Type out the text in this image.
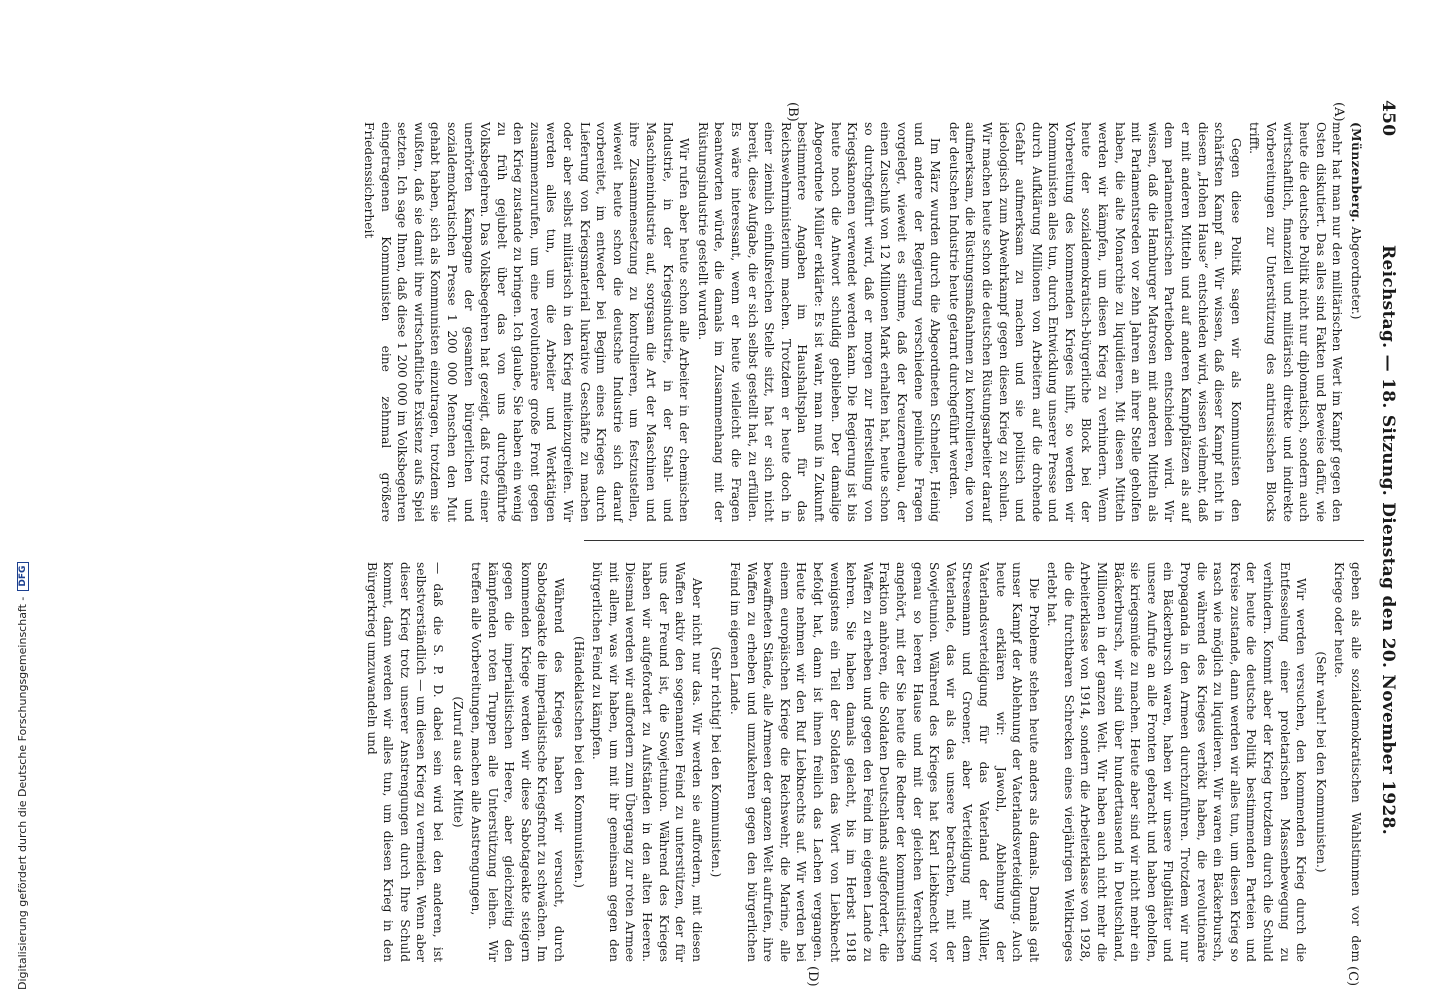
450
Reichstag. — 18. Sitzung. Dienstag den 20. November 1928.
(A)
(B)
(C)
(D)

(Münzenberg. Abgeordneter.)

mehr hat man nur den militärischen Wert im Kampf gegen den Osten diskutiert. Das alles sind Fakten und Beweise dafür, wie heute die deutsche Politik nicht nur diplomatisch, sondern auch wirtschaftlich, finanziell und militärisch direkte und indirekte Vorbereitungen zur Unterstützung des antirussischen Blocks trifft.

Gegen diese Politik sagen wir als Kommunisten den schärfsten Kampf an. Wir wissen, daß dieser Kampf nicht in diesem „Hohen Hause“ entschieden wird, wissen vielmehr, daß er mit anderen Mitteln und auf anderen Kampfplätzen als auf dem parlamentarischen Parteiboden entschieden wird. Wir wissen, daß die Hamburger Matrosen mit anderen Mitteln als mit Parlamentsreden vor zehn Jahren an ihrer Stelle geholfen haben, die alte Monarchie zu liquidieren. Mit diesen Mitteln werden wir kämpfen, um diesen Krieg zu verhindern. Wenn heute der sozialdemokratisch-bürgerliche Block bei der Vorbereitung des kommenden Krieges hilft, so werden wir Kommunisten alles tun, durch Entwicklung unserer Presse und durch Aufklärung Millionen von Arbeitern auf die drohende Gefahr aufmerksam zu machen und sie politisch und ideologisch zum Abwehrkampf gegen diesen Krieg zu schulen. Wir machen heute schon die deutschen Rüstungsarbeiter darauf aufmerksam, die Rüstungsmaßnahmen zu kontrollieren, die von der deutschen Industrie heute getarnt durchgeführt werden.

Im März wurden durch die Abgeordneten Schneller, Heinig und andere der Regierung verschiedene peinliche Fragen vorgelegt, wieweit es stimme, daß der Kreuzerneubau, der einen Zuschuß von 12 Millionen Mark erhalten hat, heute schon so durchgeführt wird, daß er morgen zur Herstellung von Kriegskanonen verwendet werden kann. Die Regierung ist bis heute noch die Antwort schuldig geblieben. Der damalige Abgeordnete Müller erklärte: Es ist wahr, man muß in Zukunft bestimmtere Angaben im Haushaltsplan für das Reichswehrministerium machen. Trotzdem er heute doch in einer ziemlich einflußreichen Stelle sitzt, hat er sich nicht bereit, diese Aufgabe, die er sich selbst gestellt hat, zu erfüllen. Es wäre interessant, wenn er heute vielleicht die Fragen beantworten würde, die damals im Zusammenhang mit der Rüstungsindustrie gestellt wurden.

Wir rufen aber heute schon alle Arbeiter in der chemischen Industrie, in der Kriegsindustrie, in der Stahl- und Maschinenindustrie auf, sorgsam die Art der Maschinen und ihre Zusammensetzung zu kontrollieren, um festzustellen, wieweit heute schon die deutsche Industrie sich darauf vorbereitet, im entweder bei Beginn eines Krieges durch Lieferung von Kriegsmaterial lukrative Geschäfte zu machen oder aber selbst militärisch in den Krieg miteinzugreifen. Wir werden alles tun, um die Arbeiter und Werktätigen zusammenzurufen, um eine revolutionäre große Front gegen den Krieg zustande zu bringen. Ich glaube, Sie haben ein wenig zu früh gejubelt über das von uns durchgeführte Volksbegehren. Das Volksbegehren hat gezeigt, daß trotz einer unerhörten Kampagne der gesamten bürgerlichen und sozialdemokratischen Presse 1 200 000 Menschen den Mut gehabt haben, sich als Kommunisten einzutragen, trotzdem sie wußten, daß sie damit ihre wirtschaftliche Existenz aufs Spiel setzten. Ich sage Ihnen, daß diese 1 200 000 im Volksbegehren eingetragenen Kommunisten eine zehnmal größere Friedenssicherheit

geben als alle sozialdemokratischen Wahlstimmen vor dem Kriege oder heute.

(Sehr wahr! bei den Kommunisten.)

Wir werden versuchen, den kommenden Krieg durch die Entfesselung einer proletarischen Massenbewegung zu verhindern. Kommt aber der Krieg trotzdem durch die Schuld der heute die deutsche Politik bestimmenden Parteien und Kreise zustande, dann werden wir alles tun, um diesen Krieg so rasch wie möglich zu liquidieren. Wir waren ein Bäckerbursch, die während des Krieges verhökt haben, die revolutionäre Propaganda in den Armeen durchzuführen. Trotzdem wir nur ein Bäckerbursch waren, haben wir unsere Flugblätter und unsere Aufrufe an alle Fronten gebracht und haben geholfen, sie kriegsmüde zu machen. Heute aber sind wir nicht mehr ein Bäckerbursch, wir sind über hunderttausend in Deutschland, Millionen in der ganzen Welt. Wir haben auch nicht mehr die Arbeiterklasse von 1914, sondern die Arbeiterklasse von 1928, die die furchtbaren Schrecken eines vierjährigen Weltkrieges erlebt hat.

Die Probleme stehen heute anders als damals. Damals galt unser Kampf der Ablehnung der Vaterlandsverteidigung. Auch heute erklären wir: Jawohl, Ablehnung der Vaterlandsverteidigung für das Vaterland der Müller, Stresemann und Groener, aber Verteidigung mit dem Vaterlande, das wir als das unsere betrachten, mit der Sowjetunion. Während des Krieges hat Karl Liebknecht vor genau so leeren Hause und mit der gleichen Verachtung angehört, mit der Sie heute die Redner der kommunistischen Fraktion anhören, die Soldaten Deutschlands aufgefordert, die Waffen zu erheben und gegen den Feind im eigenen Lande zu kehren. Sie haben damals gelacht, bis im Herbst 1918 wenigstens ein Teil der Soldaten das Wort von Liebknecht befolgt hat, dann ist ihnen freilich das Lachen vergangen. Heute nehmen wir den Ruf Liebknechts auf. Wir werden bei einem europäischen Kriege die Reichswehr, die Marine, alle bewaffneten Stände, alle Armeen der ganzen Welt aufrufen, ihre Waffen zu erheben und umzukehren gegen den bürgerlichen Feind im eigenen Lande.

(Sehr richtig! bei den Kommunisten.)

Aber nicht nur das. Wir werden sie auffordern, mit diesen Waffen aktiv den sogenannten Feind zu unterstützen, der für uns der Freund ist, die Sowjetunion. Während des Krieges haben wir aufgefordert zu Aufständen in den alten Heeren. Diesmal werden wir auffordern zum Übergang zur roten Armee mit allem, was wir haben, um mit ihr gemeinsam gegen den bürgerlichen Feind zu kämpfen.

(Händeklatschen bei den Kommunisten.)

Während des Krieges haben wir versucht, durch Sabotageakte die imperialistische Kriegsfront zu schwächen. Im kommenden Kriege werden wir diese Sabotageakte steigern gegen die imperialistischen Heere, aber gleichzeitig den kämpfenden roten Truppen alle Unterstützung leihen. Wir treffen alle Vorbereitungen, machen alle Anstrengungen,

(Zuruf aus der Mitte)

— daß die S. P. D. dabei sein wird bei den anderen, ist selbstverständlich — um diesen Krieg zu vermeiden. Wenn aber dieser Krieg trotz unserer Anstrengungen durch Ihre Schuld kommt, dann werden wir alles tun, um diesen Krieg in den Bürgerkrieg umzuwandeln und

Digitalisierung gefördert durch die Deutsche Forschungsgemeinschaft -DFG
